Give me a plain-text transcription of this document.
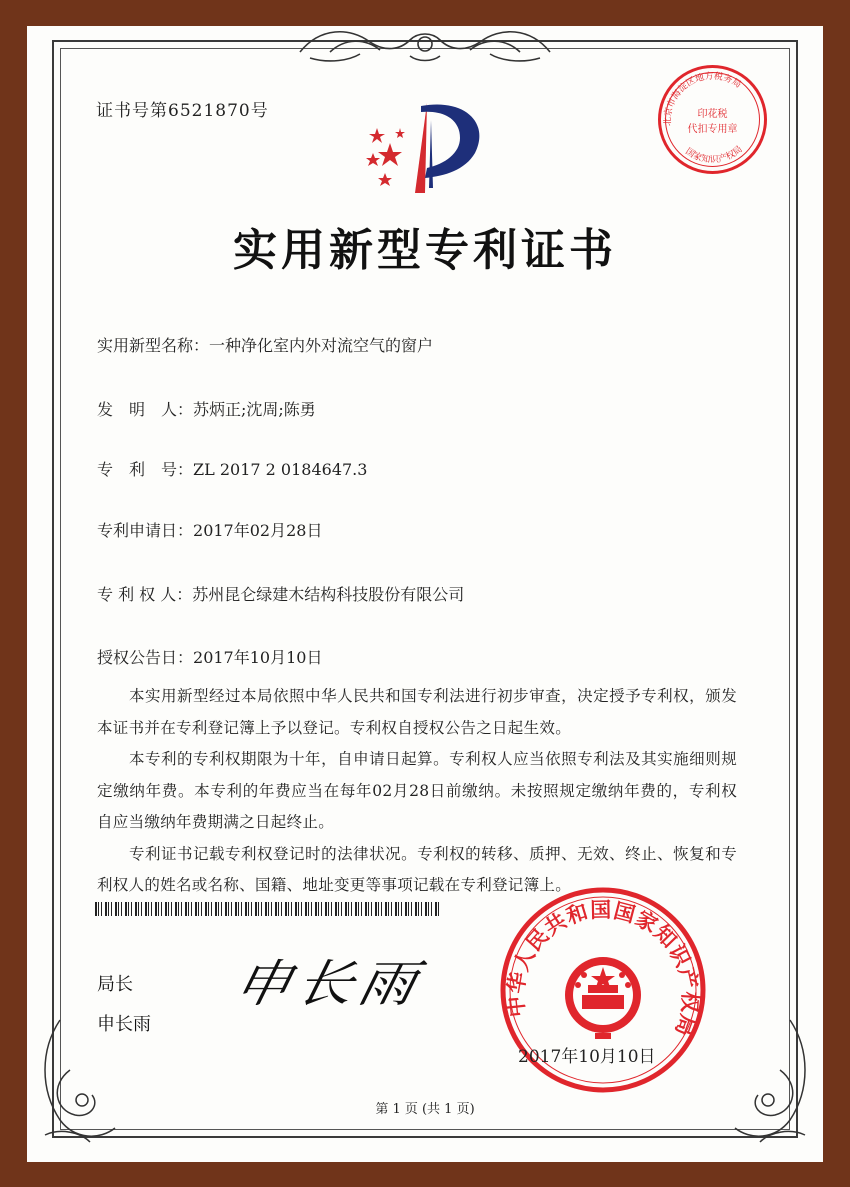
证书号第6521870号
北京市海淀区地方税务局
国家知识产权局
印花税
代扣专用章
实用新型专利证书
实用新型名称：一种净化室内外对流空气的窗户
发　明　人：苏炳正;沈周;陈勇
专　利　号：ZL 2017 2 0184647.3
专利申请日：2017年02月28日
专 利 权 人：苏州昆仑绿建木结构科技股份有限公司
授权公告日：2017年10月10日

本实用新型经过本局依照中华人民共和国专利法进行初步审查，决定授予专利权，颁发本证书并在专利登记簿上予以登记。专利权自授权公告之日起生效。

本专利的专利权期限为十年，自申请日起算。专利权人应当依照专利法及其实施细则规定缴纳年费。本专利的年费应当在每年02月28日前缴纳。未按照规定缴纳年费的，专利权自应当缴纳年费期满之日起终止。

专利证书记载专利权登记时的法律状况。专利权的转移、质押、无效、终止、恢复和专利权人的姓名或名称、国籍、地址变更等事项记载在专利登记簿上。

局长
申长雨
申长雨	中华人民共和国国家知识产权局
2017年10月10日
第 1 页 (共 1 页)
